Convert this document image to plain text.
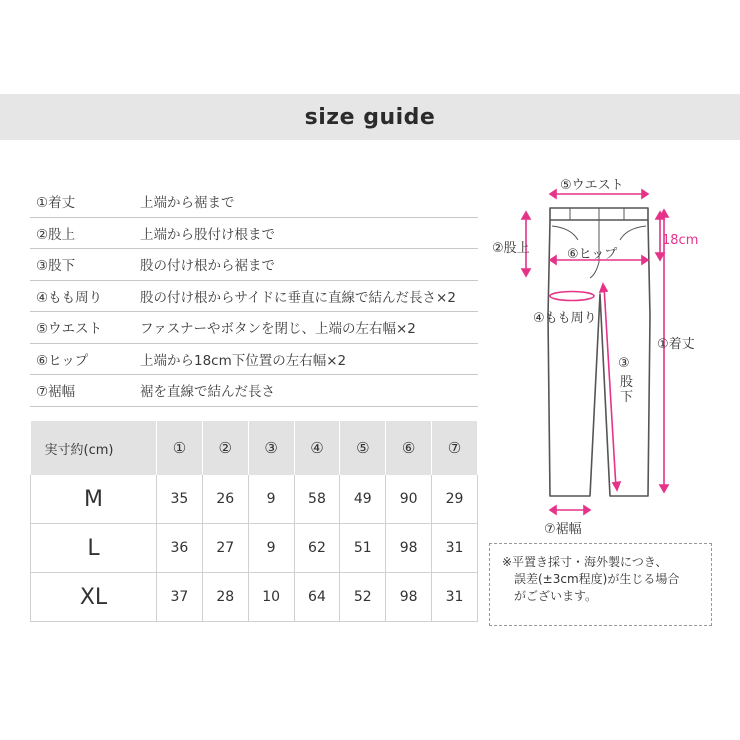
size guide
①着丈	上端から裾まで
②股上	上端から股付け根まで
③股下	股の付け根から裾まで
④もも周り	股の付け根からサイドに垂直に直線で結んだ長さ×2
⑤ウエスト	ファスナーやボタンを閉じ、上端の左右幅×2
⑥ヒップ	上端から18cm下位置の左右幅×2
⑦裾幅	裾を直線で結んだ長さ
実寸約(cm)	①	②	③	④	⑤	⑥	⑦
M	35	26	9	58	49	90	29
L	36	27	9	62	51	98	31
XL	37	28	10	64	52	98	31
⑤ウエスト
②股上	⑥ヒップ
18cm
④もも周り
③
股
下
①着丈
⑦裾幅
※平置き採寸・海外製につき、
誤差(±3cm程度)が生じる場合
がございます。
